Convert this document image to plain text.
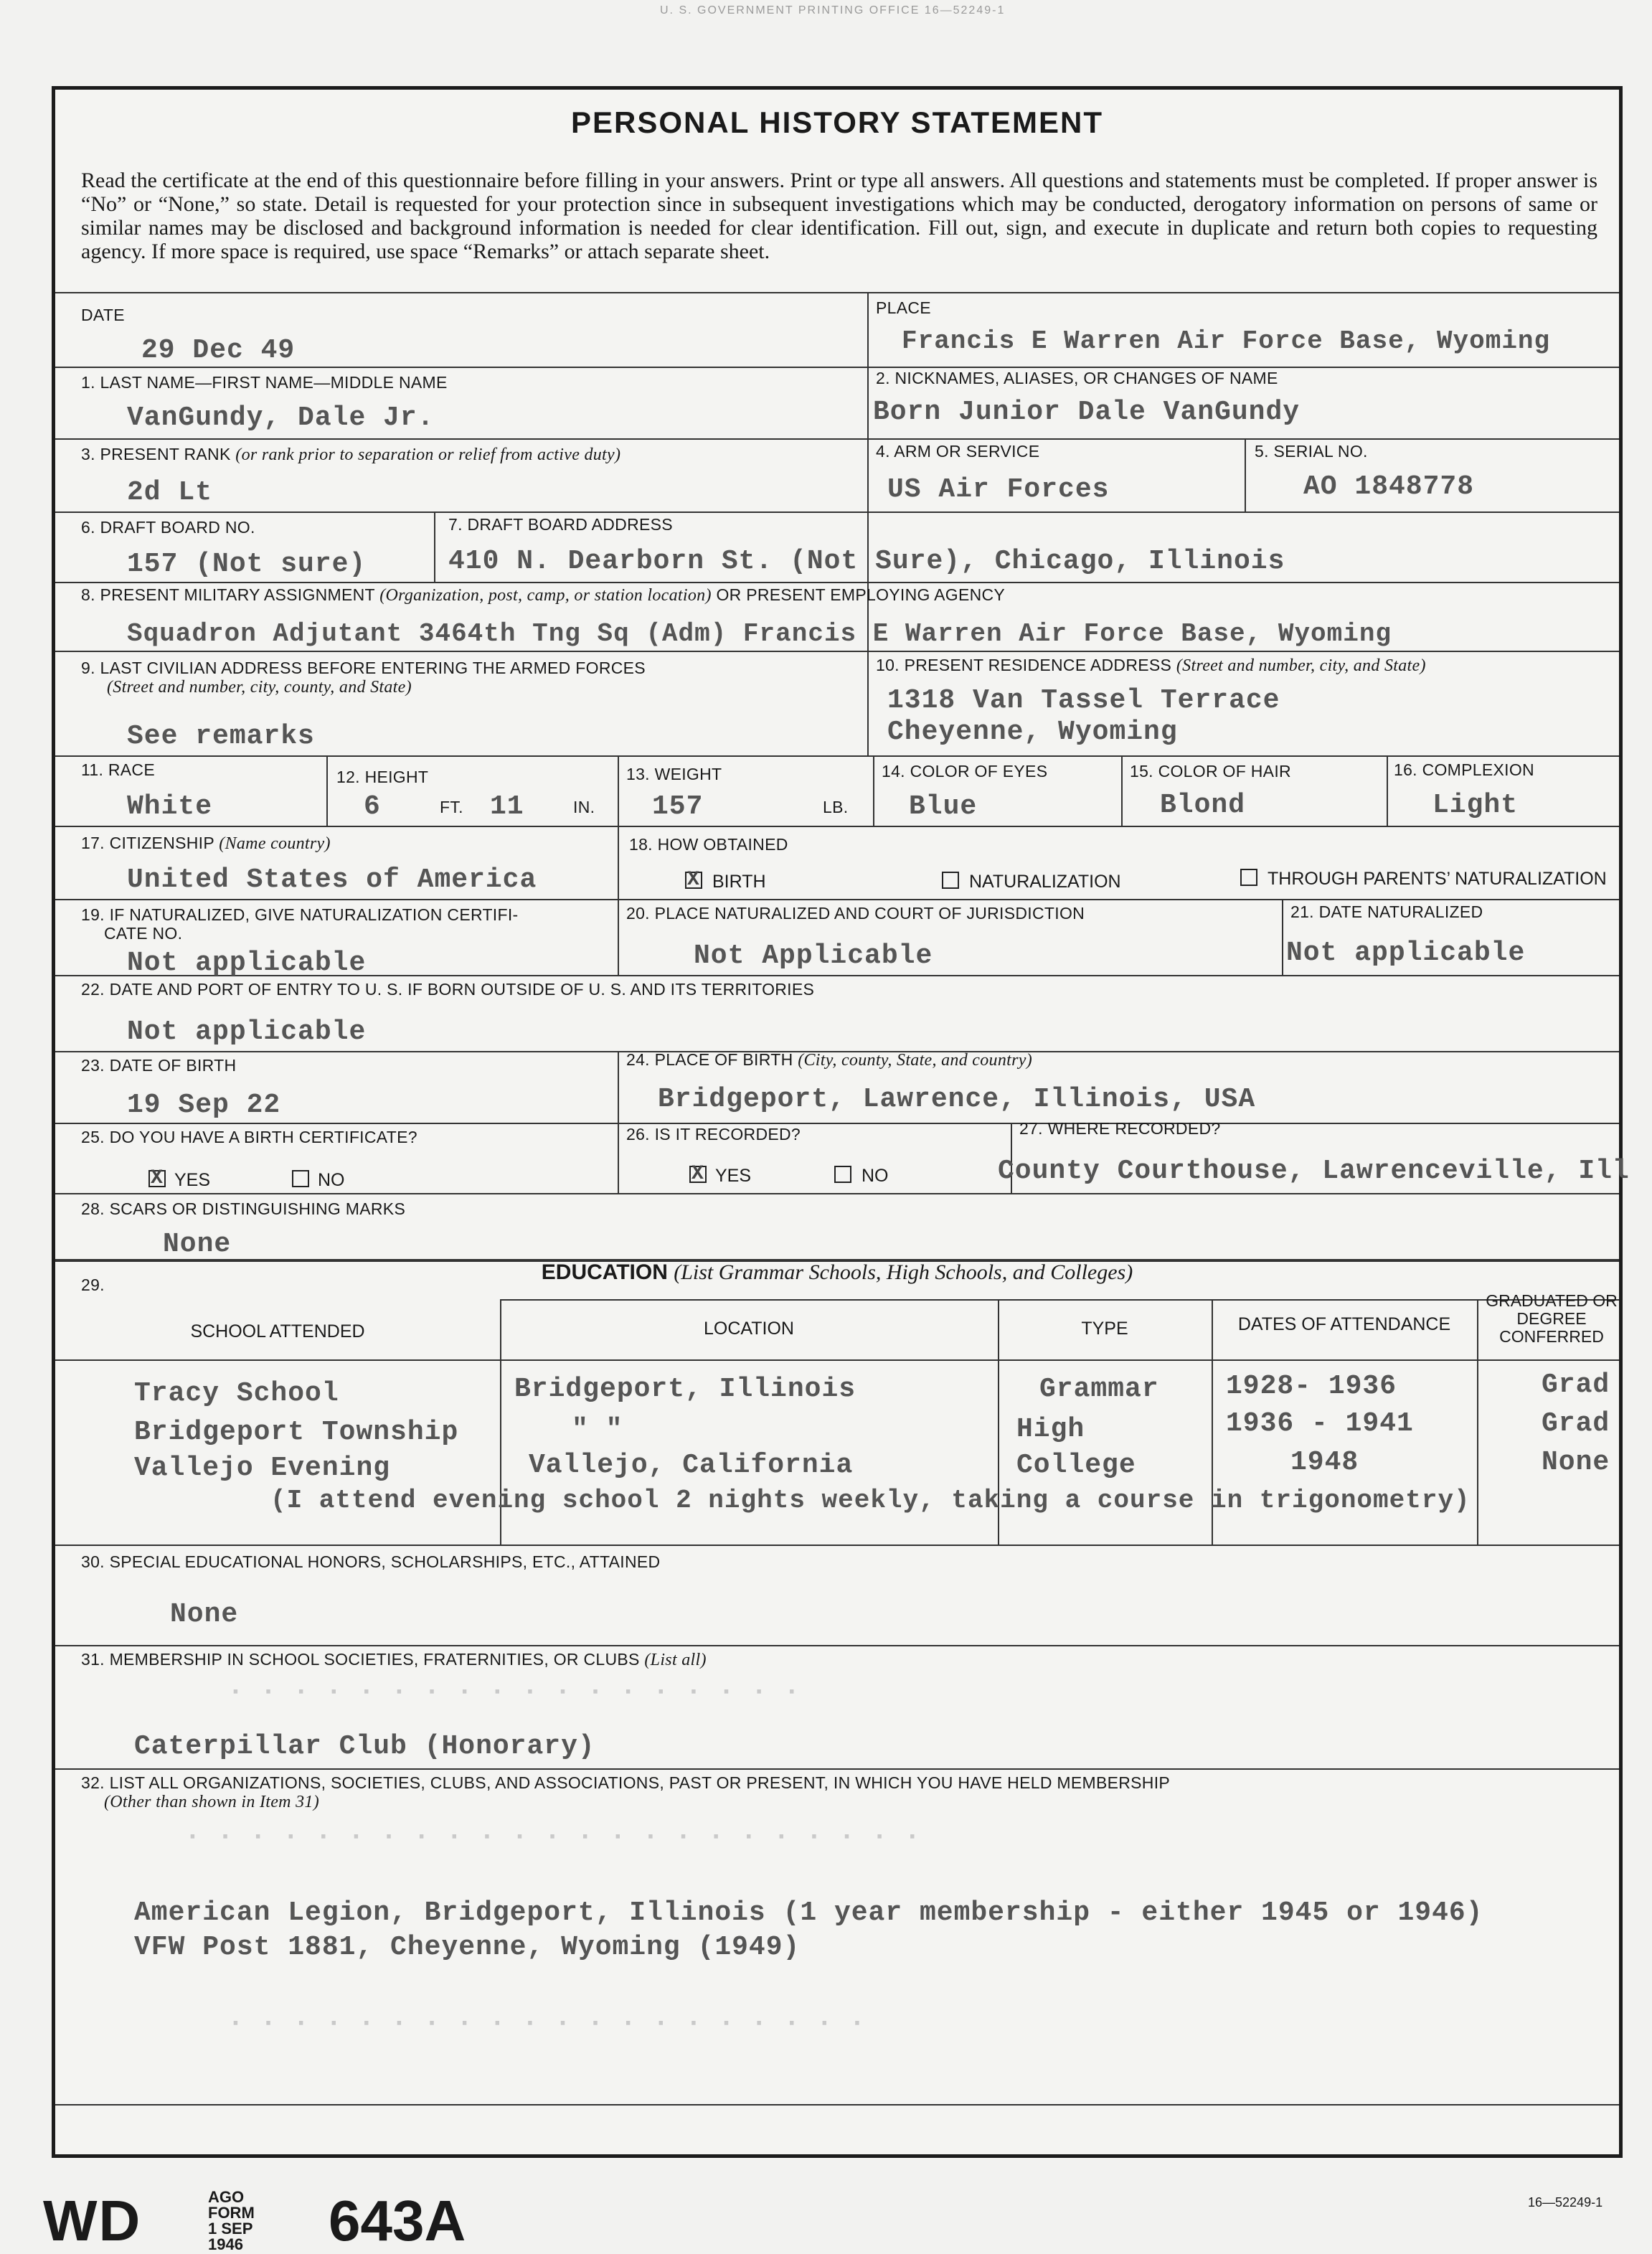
U. S. GOVERNMENT PRINTING OFFICE 16—52249-1
PERSONAL HISTORY STATEMENT
Read the certificate at the end of this questionnaire before filling in your answers. Print or type all answers. All questions and statements must be completed. If proper answer is “No” or “None,” so state. Detail is requested for your protection since in subsequent investigations which may be conducted, derogatory information on persons of same or similar names may be disclosed and background information is needed for clear identification. Fill out, sign, and execute in duplicate and return both copies to requesting agency. If more space is required, use space “Remarks” or attach separate sheet.
DATE
29 Dec 49
PLACE
Francis E Warren Air Force Base, Wyoming
1. LAST NAME—FIRST NAME—MIDDLE NAME
VanGundy, Dale Jr.
2. NICKNAMES, ALIASES, OR CHANGES OF NAME
Born Junior Dale VanGundy
3. PRESENT RANK (or rank prior to separation or relief from active duty)
2d Lt
4. ARM OR SERVICE
US Air Forces
5. SERIAL NO.
AO 1848778
6. DRAFT BOARD NO.
157 (Not sure)
7. DRAFT BOARD ADDRESS
410 N. Dearborn St. (Not Sure), Chicago, Illinois
8. PRESENT MILITARY ASSIGNMENT (Organization, post, camp, or station location) OR PRESENT EMPLOYING AGENCY
Squadron Adjutant 3464th Tng Sq (Adm) Francis E Warren Air Force Base, Wyoming
9. LAST CIVILIAN ADDRESS BEFORE ENTERING THE ARMED FORCES
(Street and number, city, county, and State)
See remarks
10. PRESENT RESIDENCE ADDRESS (Street and number, city, and State)
1318 Van Tassel Terrace
Cheyenne, Wyoming
11. RACE
White
12. HEIGHT
6	FT. 11	IN.
13. WEIGHT
157	LB.
14. COLOR OF EYES
Blue
15. COLOR OF HAIR
Blond
16. COMPLEXION
Light
17. CITIZENSHIP (Name country)
United States of America
18. HOW OBTAINED
X
BIRTH	NATURALIZATION	THROUGH PARENTS’ NATURALIZATION
19. IF NATURALIZED, GIVE NATURALIZATION CERTIFI-
CATE NO.
Not applicable
20. PLACE NATURALIZED AND COURT OF JURISDICTION
Not Applicable
21. DATE NATURALIZED
Not applicable
22. DATE AND PORT OF ENTRY TO U. S. IF BORN OUTSIDE OF U. S. AND ITS TERRITORIES
Not applicable
23. DATE OF BIRTH
19 Sep 22
24. PLACE OF BIRTH (City, county, State, and country)
Bridgeport, Lawrence, Illinois, USA
25. DO YOU HAVE A BIRTH CERTIFICATE?
X
YES	NO
26. IS IT RECORDED?
X
YES	NO
27. WHERE RECORDED?
County Courthouse, Lawrenceville, Ill
28. SCARS OR DISTINGUISHING MARKS
None
29.
EDUCATION (List Grammar Schools, High Schools, and Colleges)
SCHOOL ATTENDED	LOCATION	TYPE	DATES OF ATTENDANCE
GRADUATED OR DEGREE CONFERRED
Tracy School	Bridgeport, Illinois	Grammar 1928- 1936	Grad
Bridgeport Township	" "	High	1936 - 1941	Grad
Vallejo Evening	Vallejo, California	College	1948	None
(I attend evening school 2 nights weekly, taking a course in trigonometry)
30. SPECIAL EDUCATIONAL HONORS, SCHOLARSHIPS, ETC., ATTAINED
None
31. MEMBERSHIP IN SCHOOL SOCIETIES, FRATERNITIES, OR CLUBS (List all)
. . . . . . . . . . . . . . . . . .
Caterpillar Club (Honorary)
32. LIST ALL ORGANIZATIONS, SOCIETIES, CLUBS, AND ASSOCIATIONS, PAST OR PRESENT, IN WHICH YOU HAVE HELD MEMBERSHIP
(Other than shown in Item 31)
. . . . . . . . . . . . . . . . . . . . . . .
American Legion, Bridgeport, Illinois (1 year membership - either 1945 or 1946)
VFW Post 1881, Cheyenne, Wyoming (1949)
. . . . . . . . . . . . . . . . . . . .
WD	AGO FORM
1 SEP 1946 643A	16—52249-1
